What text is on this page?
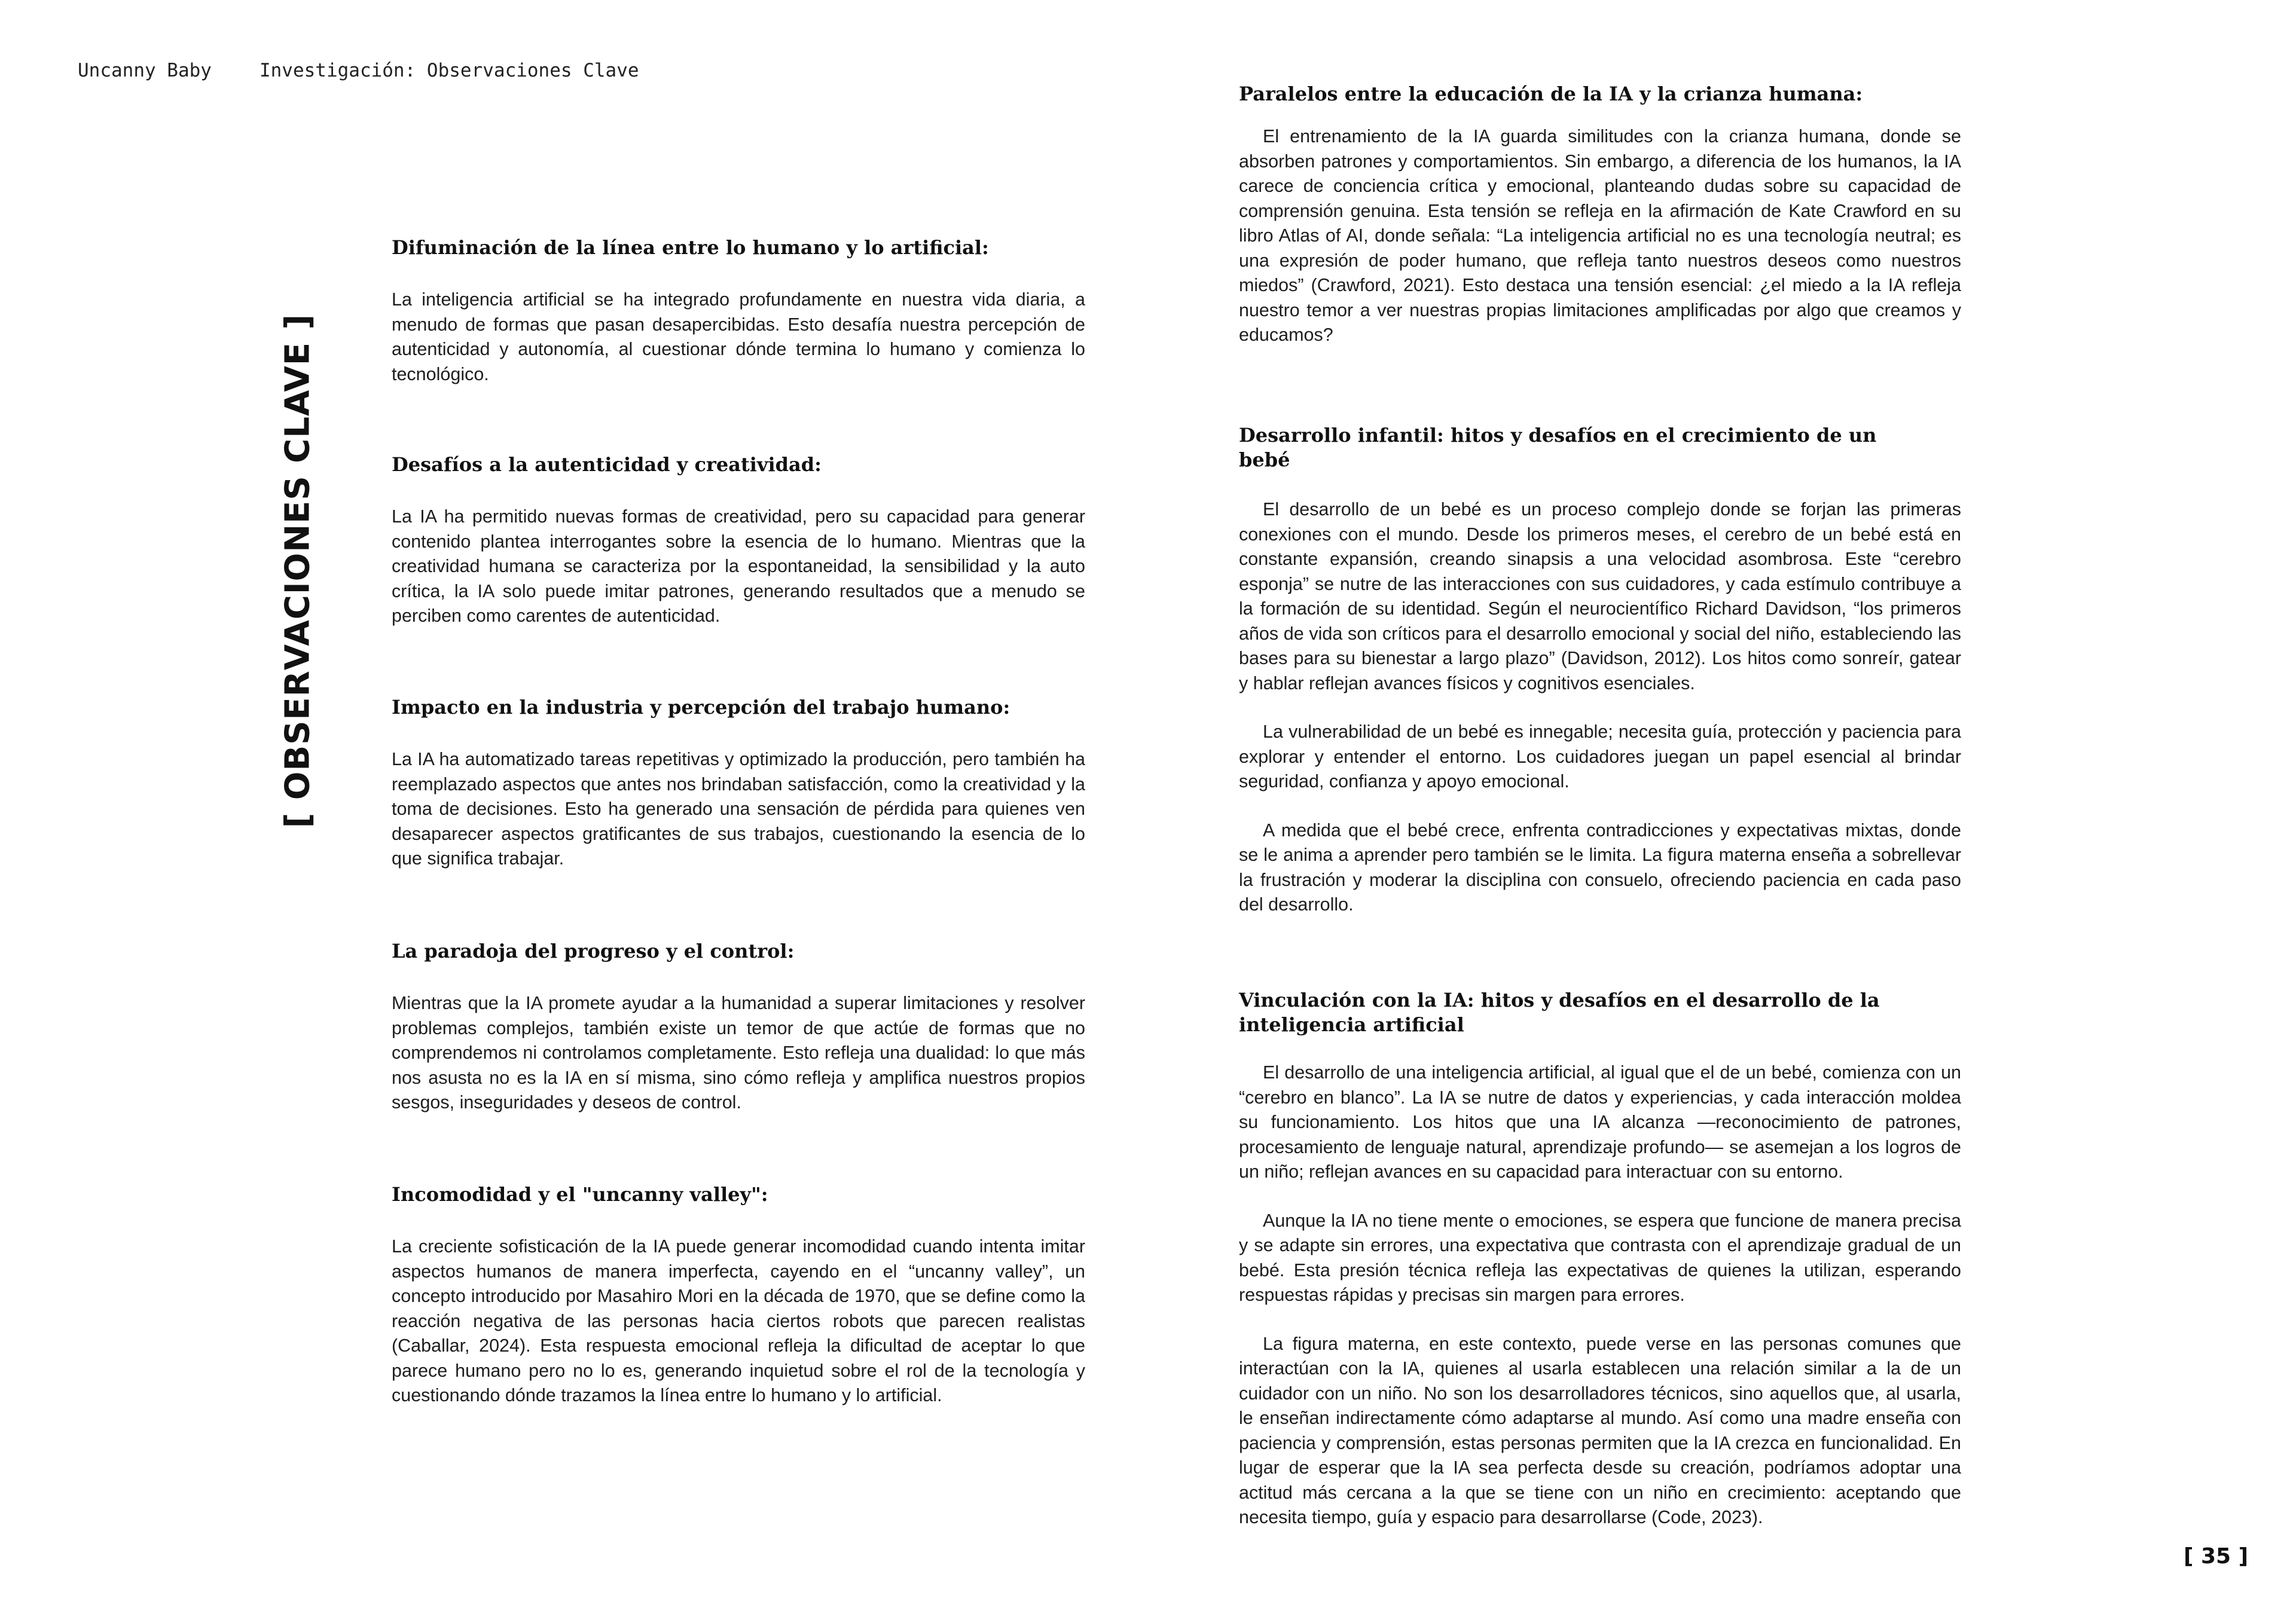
Uncanny Baby	Investigación: Observaciones Clave
[ OBSERVACIONES CLAVE ]
Difuminación de la línea entre lo humano y lo artificial:

La inteligencia artificial se ha integrado profundamente en nuestra vida diaria, a menudo de formas que pasan desapercibidas. Esto desafía nuestra percepción de autenticidad y autonomía, al cuestionar dónde termina lo humano y comienza lo tecnológico.

Desafíos a la autenticidad y creatividad:

La IA ha permitido nuevas formas de creatividad, pero su capacidad para generar contenido plantea interrogantes sobre la esencia de lo humano. Mientras que la creatividad humana se caracteriza por la espontaneidad, la sensibilidad y la auto crítica, la IA solo puede imitar patrones, generando resultados que a menudo se perciben como carentes de autenticidad.

Impacto en la industria y percepción del trabajo humano:

La IA ha automatizado tareas repetitivas y optimizado la producción, pero también ha reemplazado aspectos que antes nos brindaban satisfacción, como la creatividad y la toma de decisiones. Esto ha generado una sensación de pérdida para quienes ven desaparecer aspectos gratificantes de sus trabajos, cuestionando la esencia de lo que significa trabajar.

La paradoja del progreso y el control:

Mientras que la IA promete ayudar a la humanidad a superar limitaciones y resolver problemas complejos, también existe un temor de que actúe de formas que no comprendemos ni controlamos completamente. Esto refleja una dualidad: lo que más nos asusta no es la IA en sí misma, sino cómo refleja y amplifica nuestros propios sesgos, inseguridades y deseos de control.

Incomodidad y el "uncanny valley":

La creciente sofisticación de la IA puede generar incomodidad cuando intenta imitar aspectos humanos de manera imperfecta, cayendo en el “uncanny valley”, un concepto introducido por Masahiro Mori en la década de 1970, que se define como la reacción negativa de las personas hacia ciertos robots que parecen realistas (Caballar, 2024). Esta respuesta emocional refleja la dificultad de aceptar lo que parece humano pero no lo es, generando inquietud sobre el rol de la tecnología y cuestionando dónde trazamos la línea entre lo humano y lo artificial.

Paralelos entre la educación de la IA y la crianza humana:

El entrenamiento de la IA guarda similitudes con la crianza humana, donde se absorben patrones y comportamientos. Sin embargo, a diferencia de los humanos, la IA carece de conciencia crítica y emocional, planteando dudas sobre su capacidad de comprensión genuina. Esta tensión se refleja en la afirmación de Kate Crawford en su libro Atlas of AI, donde señala: “La inteligencia artificial no es una tecnología neutral; es una expresión de poder humano, que refleja tanto nuestros deseos como nuestros miedos” (Crawford, 2021). Esto destaca una tensión esencial: ¿el miedo a la IA refleja nuestro temor a ver nuestras propias limitaciones amplificadas por algo que creamos y educamos?

Desarrollo infantil: hitos y desafíos en el crecimiento de un bebé

El desarrollo de un bebé es un proceso complejo donde se forjan las primeras conexiones con el mundo. Desde los primeros meses, el cerebro de un bebé está en constante expansión, creando sinapsis a una velocidad asombrosa. Este “cerebro esponja” se nutre de las interacciones con sus cuidadores, y cada estímulo contribuye a la formación de su identidad. Según el neurocientífico Richard Davidson, “los primeros años de vida son críticos para el desarrollo emocional y social del niño, estableciendo las bases para su bienestar a largo plazo” (Davidson, 2012). Los hitos como sonreír, gatear y hablar reflejan avances físicos y cognitivos esenciales.

La vulnerabilidad de un bebé es innegable; necesita guía, protección y paciencia para explorar y entender el entorno. Los cuidadores juegan un papel esencial al brindar seguridad, confianza y apoyo emocional.

A medida que el bebé crece, enfrenta contradicciones y expectativas mixtas, donde se le anima a aprender pero también se le limita. La figura materna enseña a sobrellevar la frustración y moderar la disciplina con consuelo, ofreciendo paciencia en cada paso del desarrollo.

Vinculación con la IA: hitos y desafíos en el desarrollo de la inteligencia artificial

El desarrollo de una inteligencia artificial, al igual que el de un bebé, comienza con un “cerebro en blanco”. La IA se nutre de datos y experiencias, y cada interacción moldea su funcionamiento. Los hitos que una IA alcanza —reconocimiento de patrones, procesamiento de lenguaje natural, aprendizaje profundo— se asemejan a los logros de un niño; reflejan avances en su capacidad para interactuar con su entorno.

Aunque la IA no tiene mente o emociones, se espera que funcione de manera precisa y se adapte sin errores, una expectativa que contrasta con el aprendizaje gradual de un bebé. Esta presión técnica refleja las expectativas de quienes la utilizan, esperando respuestas rápidas y precisas sin margen para errores.

La figura materna, en este contexto, puede verse en las personas comunes que interactúan con la IA, quienes al usarla establecen una relación similar a la de un cuidador con un niño. No son los desarrolladores técnicos, sino aquellos que, al usarla, le enseñan indirectamente cómo adaptarse al mundo. Así como una madre enseña con paciencia y comprensión, estas personas permiten que la IA crezca en funcionalidad. En lugar de esperar que la IA sea perfecta desde su creación, podríamos adoptar una actitud más cercana a la que se tiene con un niño en crecimiento: aceptando que necesita tiempo, guía y espacio para desarrollarse (Code, 2023).

[ 35 ]
